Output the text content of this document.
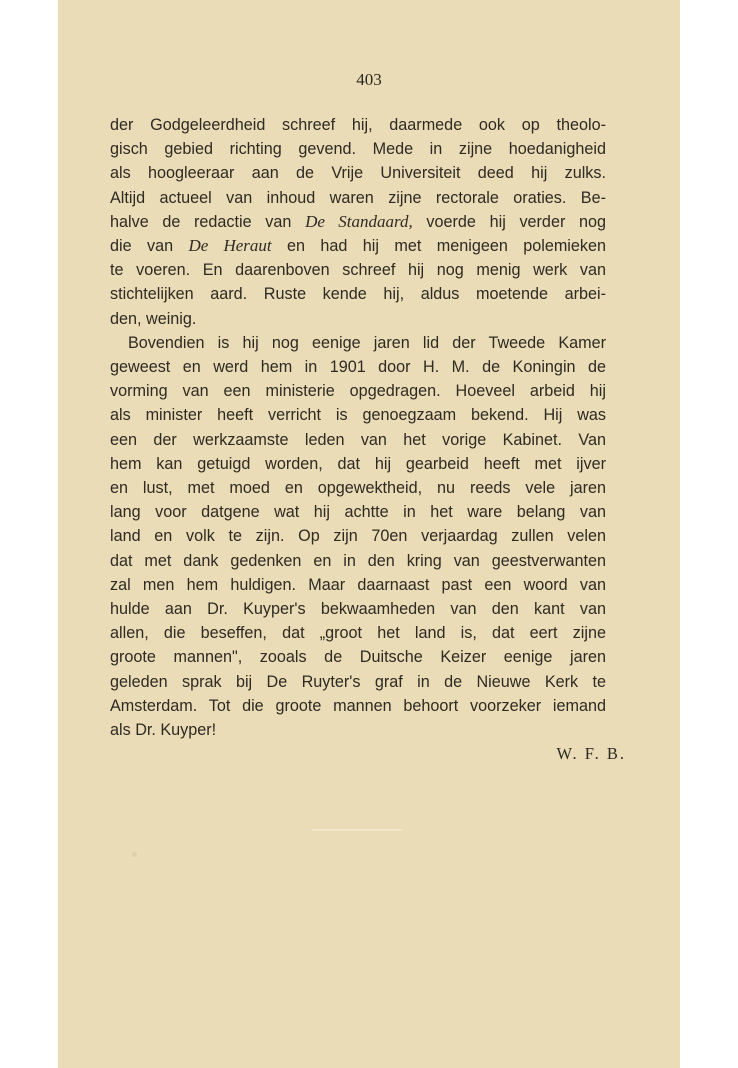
403
der Godgeleerdheid schreef hij, daarmede ook op theolo-
gisch gebied richting gevend. Mede in zijne hoedanigheid
als hoogleeraar aan de Vrije Universiteit deed hij zulks.
Altijd actueel van inhoud waren zijne rectorale oraties. Be-
halve de redactie van De Standaard, voerde hij verder nog
die van De Heraut en had hij met menigeen polemieken
te voeren. En daarenboven schreef hij nog menig werk van
stichtelijken aard. Ruste kende hij, aldus moetende arbei-
den, weinig.
Bovendien is hij nog eenige jaren lid der Tweede Kamer
geweest en werd hem in 1901 door H. M. de Koningin de
vorming van een ministerie opgedragen. Hoeveel arbeid hij
als minister heeft verricht is genoegzaam bekend. Hij was
een der werkzaamste leden van het vorige Kabinet. Van
hem kan getuigd worden, dat hij gearbeid heeft met ijver
en lust, met moed en opgewektheid, nu reeds vele jaren
lang voor datgene wat hij achtte in het ware belang van
land en volk te zijn. Op zijn 70en verjaardag zullen velen
dat met dank gedenken en in den kring van geestverwanten
zal men hem huldigen. Maar daarnaast past een woord van
hulde aan Dr. Kuyper's bekwaamheden van den kant van
allen, die beseffen, dat „groot het land is, dat eert zijne
groote mannen", zooals de Duitsche Keizer eenige jaren
geleden sprak bij De Ruyter's graf in de Nieuwe Kerk te
Amsterdam. Tot die groote mannen behoort voorzeker iemand
als Dr. Kuyper!
W. F. B.
